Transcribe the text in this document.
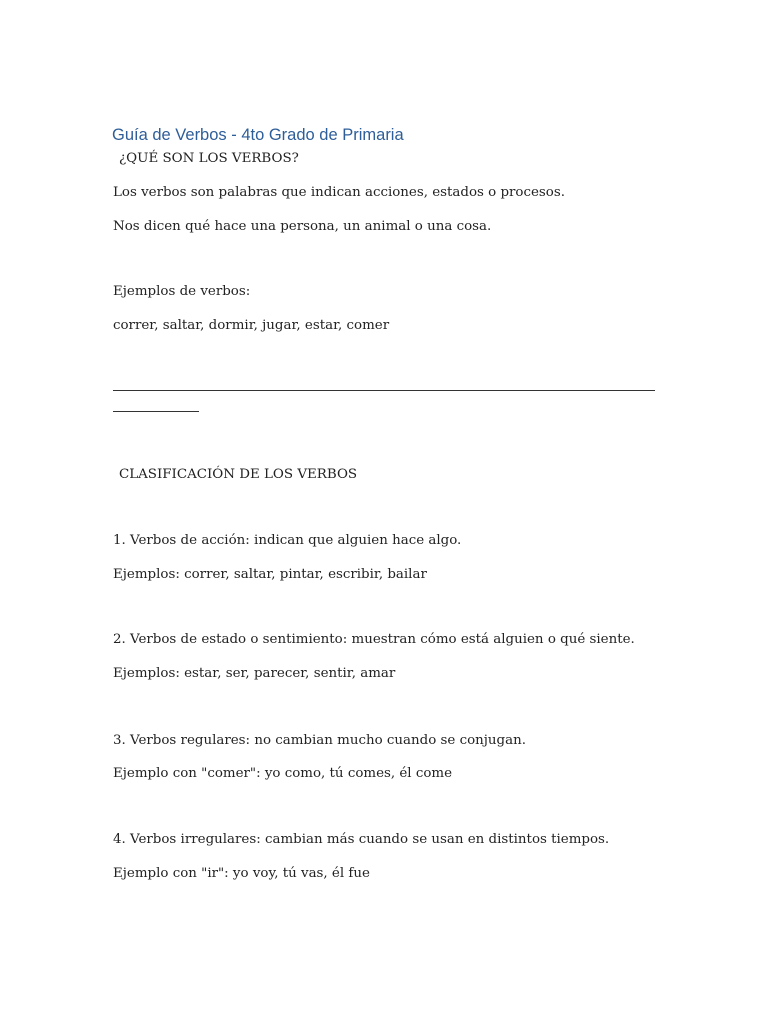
Guía de Verbos - 4to Grado de Primaria
¿QUÉ SON LOS VERBOS?
Los verbos son palabras que indican acciones, estados o procesos.
Nos dicen qué hace una persona, un animal o una cosa.
Ejemplos de verbos:
correr, saltar, dormir, jugar, estar, comer
CLASIFICACIÓN DE LOS VERBOS
1. Verbos de acción: indican que alguien hace algo.
Ejemplos: correr, saltar, pintar, escribir, bailar
2. Verbos de estado o sentimiento: muestran cómo está alguien o qué siente.
Ejemplos: estar, ser, parecer, sentir, amar
3. Verbos regulares: no cambian mucho cuando se conjugan.
Ejemplo con "comer": yo como, tú comes, él come
4. Verbos irregulares: cambian más cuando se usan en distintos tiempos.
Ejemplo con "ir": yo voy, tú vas, él fue
